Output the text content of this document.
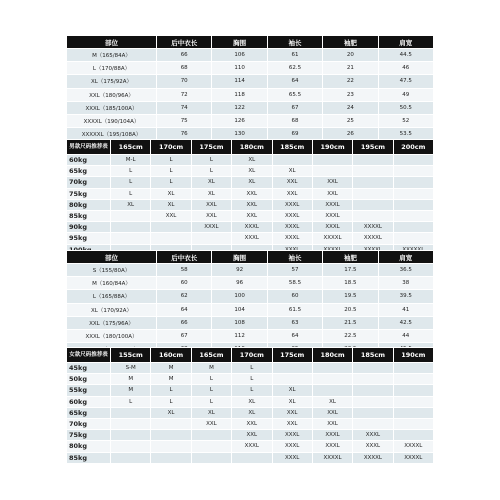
部位	后中衣长	胸围	袖长	袖肥	肩宽
M（165/84A）	66	106	61	20	44.5
L（170/88A）	68	110	62.5	21	46
XL（175/92A）	70	114	64	22	47.5
XXL（180/96A）	72	118	65.5	23	49
XXXL（185/100A）	74	122	67	24	50.5
XXXXL（190/104A）	75	126	68	25	52
XXXXXL（195/108A）	76	130	69	26	53.5
男款尺码推荐表	165cm	170cm	175cm	180cm	185cm	190cm	195cm	200cm
60kg	M-L	L	L	XL				
65kg	L	L	L	XL	XL			
70kg	L	L	XL	XL	XXL	XXL		
75kg	L	XL	XL	XXL	XXL	XXL		
80kg	XL	XL	XXL	XXL	XXXL	XXXL		
85kg		XXL	XXL	XXL	XXXL	XXXL		
90kg			XXXL	XXXL	XXXL	XXXL	XXXXL	
95kg				XXXL	XXXL	XXXXL	XXXXL	

部位	后中衣长	胸围	袖长	袖肥	肩宽
S（155/80A）	58	92	57	17.5	36.5
M（160/84A）	60	96	58.5	18.5	38
L（165/88A）	62	100	60	19.5	39.5
XL（170/92A）	64	104	61.5	20.5	41
XXL（175/96A）	66	108	63	21.5	42.5
XXXL（180/100A）	67	112	64	22.5	44

女款尺码推荐表	155cm	160cm	165cm	170cm	175cm	180cm	185cm	190cm
45kg	S-M	M	M	L				
50kg	M	M	L	L				
55kg	M	L	L	L	XL			
60kg	L	L	L	XL	XL	XL		
65kg		XL	XL	XL	XXL	XXL		
70kg			XXL	XXL	XXL	XXL		
75kg				XXL	XXXL	XXXL	XXXL	
80kg				XXXL	XXXL	XXXL	XXXL	XXXXL
85kg					XXXL	XXXXL	XXXXL	XXXXL
